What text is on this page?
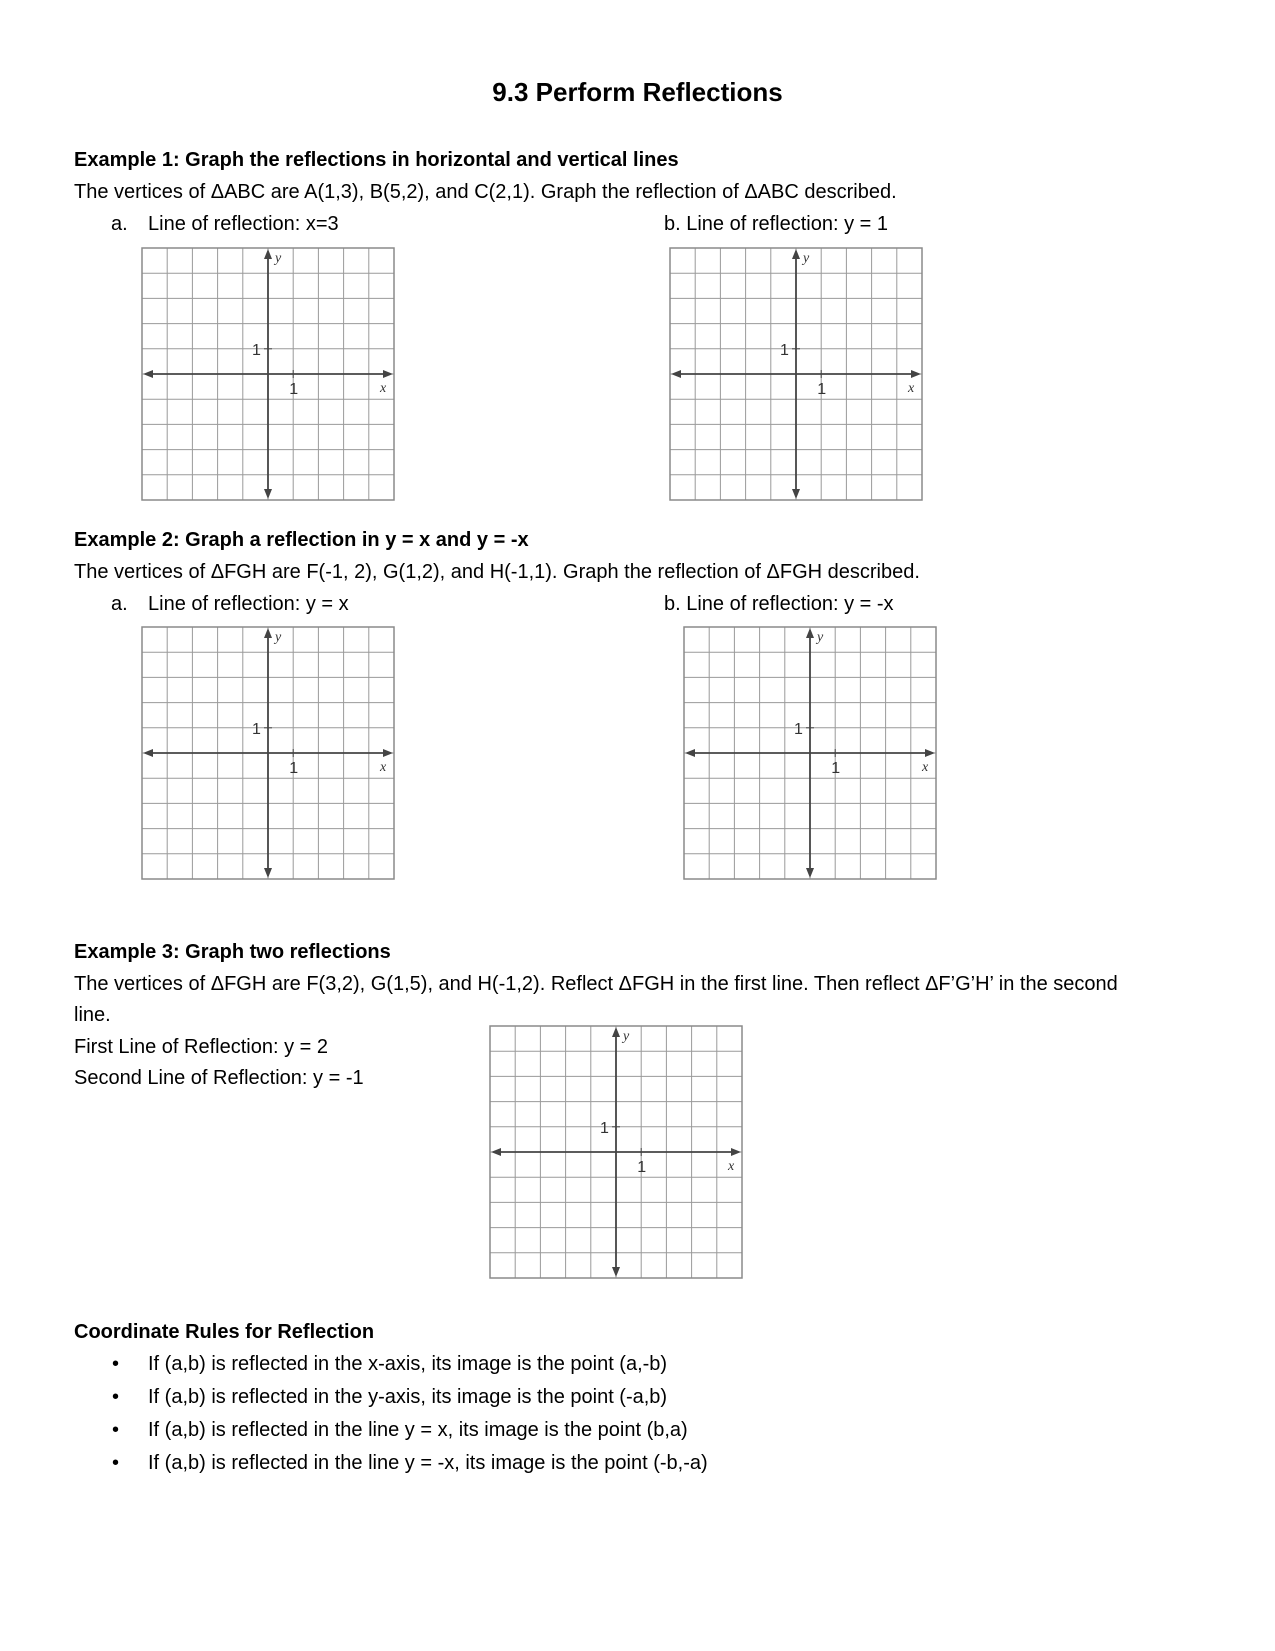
9.3 Perform Reflections
Example 1: Graph the reflections in horizontal and vertical lines
The vertices of ΔABC are A(1,3), B(5,2), and C(2,1). Graph the reflection of ΔABC described.
a. Line of reflection: x=3	b. Line of reflection: y = 1
1
1
x
y
1
1
x
y
Example 2: Graph a reflection in y = x and y = -x
The vertices of ΔFGH are F(-1, 2), G(1,2), and H(-1,1). Graph the reflection of ΔFGH described.
a. Line of reflection: y = x	b. Line of reflection: y = -x
1
1
x
y
1
1
x
y
Example 3: Graph two reflections
The vertices of ΔFGH are F(3,2), G(1,5), and H(-1,2). Reflect ΔFGH in the first line. Then reflect ΔF’G’H’ in the second
line.
First Line of Reflection: y = 2
Second Line of Reflection: y = -1
1
1
x
y
Coordinate Rules for Reflection
• If (a,b) is reflected in the x-axis, its image is the point (a,-b)
• If (a,b) is reflected in the y-axis, its image is the point (-a,b)
• If (a,b) is reflected in the line y = x, its image is the point (b,a)
• If (a,b) is reflected in the line y = -x, its image is the point (-b,-a)
